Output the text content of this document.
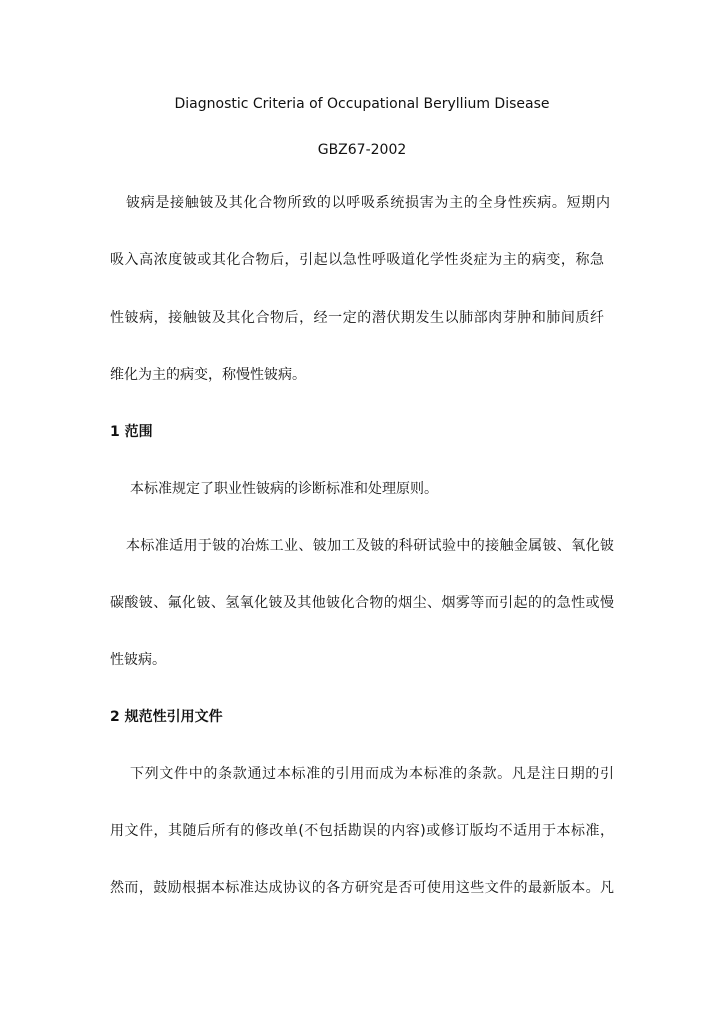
Diagnostic Criteria of Occupational Beryllium Disease
GBZ67-2002
铍病是接触铍及其化合物所致的以呼吸系统损害为主的全身性疾病。短期内
吸入高浓度铍或其化合物后，引起以急性呼吸道化学性炎症为主的病变，称急
性铍病，接触铍及其化合物后，经一定的潜伏期发生以肺部肉芽肿和肺间质纤
维化为主的病变，称慢性铍病。
1 范围
本标准规定了职业性铍病的诊断标准和处理原则。
本标准适用于铍的冶炼工业、铍加工及铍的科研试验中的接触金属铍、氧化铍
碳酸铍、氟化铍、氢氧化铍及其他铍化合物的烟尘、烟雾等而引起的的急性或慢
性铍病。
2 规范性引用文件
下列文件中的条款通过本标准的引用而成为本标准的条款。凡是注日期的引
用文件，其随后所有的修改单(不包括勘误的内容)或修订版均不适用于本标准，
然而，鼓励根据本标准达成协议的各方研究是否可使用这些文件的最新版本。凡
